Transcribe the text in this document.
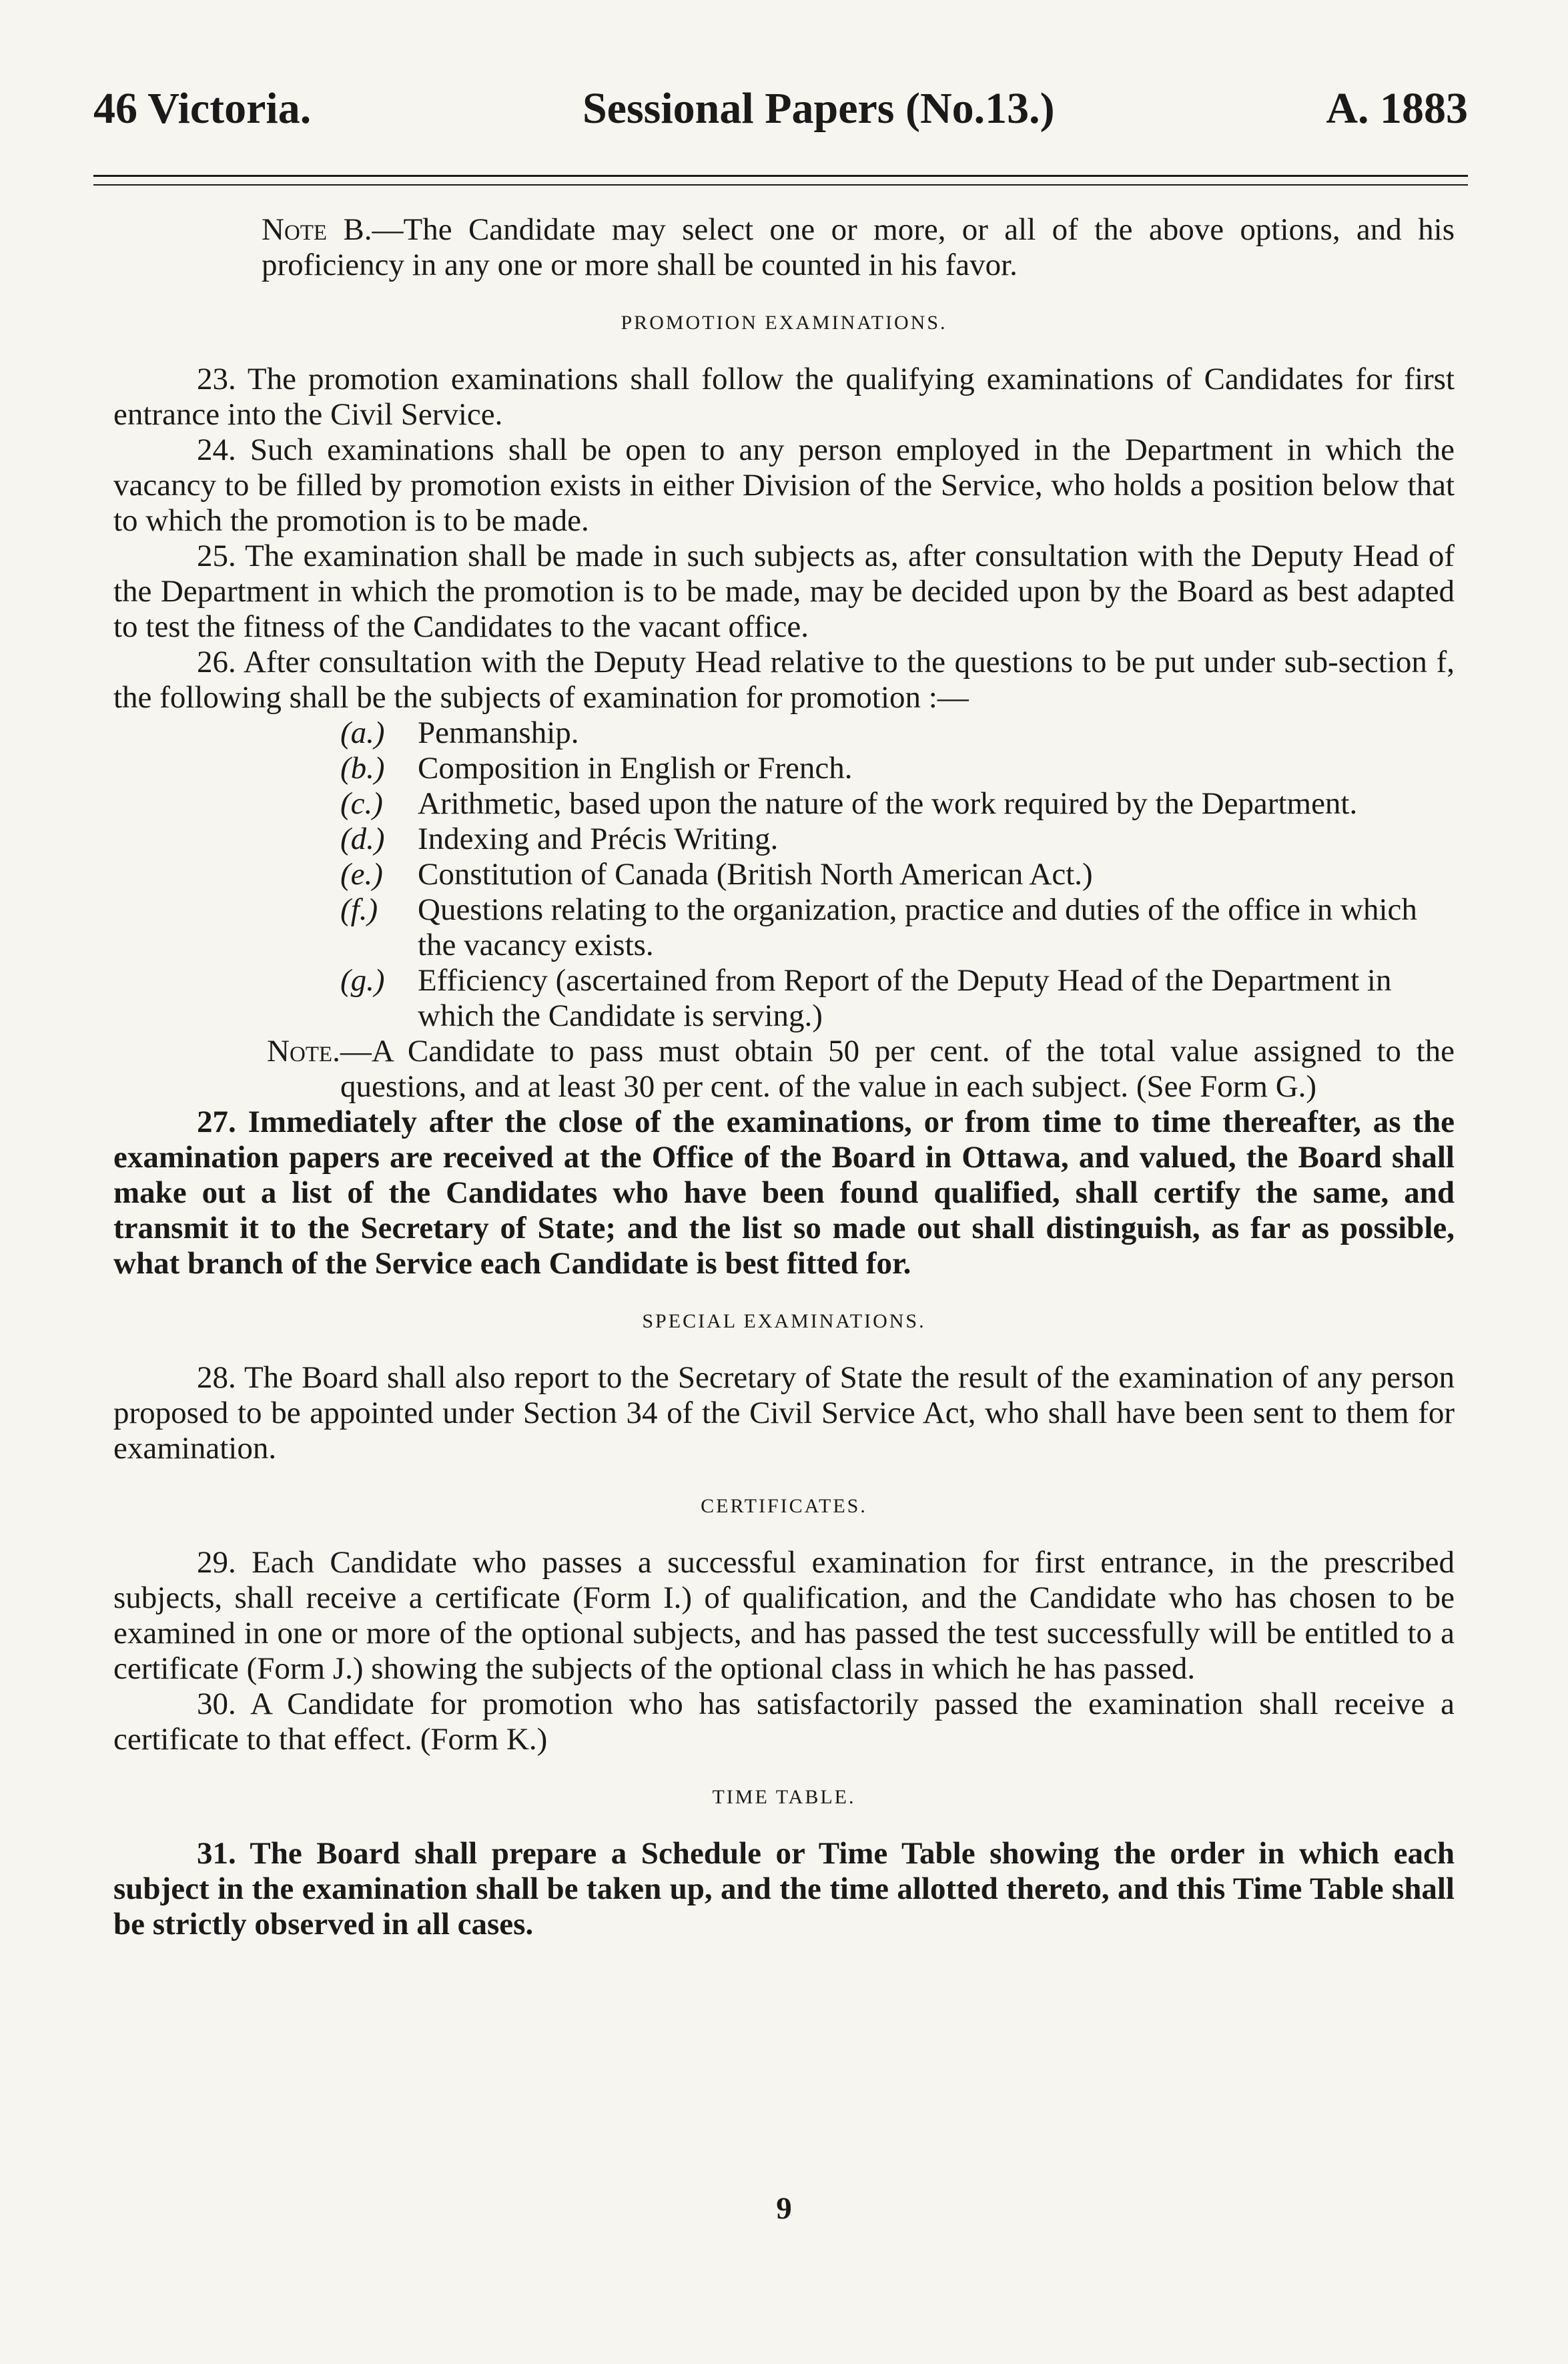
46 Victoria.	Sessional Papers (No.13.)	A. 1883

Note B.—The Candidate may select one or more, or all of the above options, and his proficiency in any one or more shall be counted in his favor.

PROMOTION EXAMINATIONS.

23. The promotion examinations shall follow the qualifying examinations of Candidates for first entrance into the Civil Service.

24. Such examinations shall be open to any person employed in the Department in which the vacancy to be filled by promotion exists in either Division of the Service, who holds a position below that to which the promotion is to be made.

25. The examination shall be made in such subjects as, after consultation with the Deputy Head of the Department in which the promotion is to be made, may be decided upon by the Board as best adapted to test the fitness of the Candidates to the vacant office.

26. After consultation with the Deputy Head relative to the questions to be put under sub-section f, the following shall be the subjects of examination for promotion :—

(a.)	Penmanship.
(b.)	Composition in English or French.
(c.)	Arithmetic, based upon the nature of the work required by the Department.
(d.)	Indexing and Précis Writing.
(e.)	Constitution of Canada (British North American Act.)
(f.)	Questions relating to the organization, practice and duties of the office in which the vacancy exists.
(g.)	Efficiency (ascertained from Report of the Deputy Head of the Department in which the Candidate is serving.)

Note.—A Candidate to pass must obtain 50 per cent. of the total value assigned to the questions, and at least 30 per cent. of the value in each subject. (See Form G.)

27. Immediately after the close of the examinations, or from time to time thereafter, as the examination papers are received at the Office of the Board in Ottawa, and valued, the Board shall make out a list of the Candidates who have been found qualified, shall certify the same, and transmit it to the Secretary of State; and the list so made out shall distinguish, as far as possible, what branch of the Service each Candidate is best fitted for.

SPECIAL EXAMINATIONS.

28. The Board shall also report to the Secretary of State the result of the examination of any person proposed to be appointed under Section 34 of the Civil Service Act, who shall have been sent to them for examination.

CERTIFICATES.

29. Each Candidate who passes a successful examination for first entrance, in the prescribed subjects, shall receive a certificate (Form I.) of qualification, and the Candidate who has chosen to be examined in one or more of the optional subjects, and has passed the test successfully will be entitled to a certificate (Form J.) showing the subjects of the optional class in which he has passed.

30. A Candidate for promotion who has satisfactorily passed the examination shall receive a certificate to that effect. (Form K.)

TIME TABLE.

31. The Board shall prepare a Schedule or Time Table showing the order in which each subject in the examination shall be taken up, and the time allotted thereto, and this Time Table shall be strictly observed in all cases.

9
